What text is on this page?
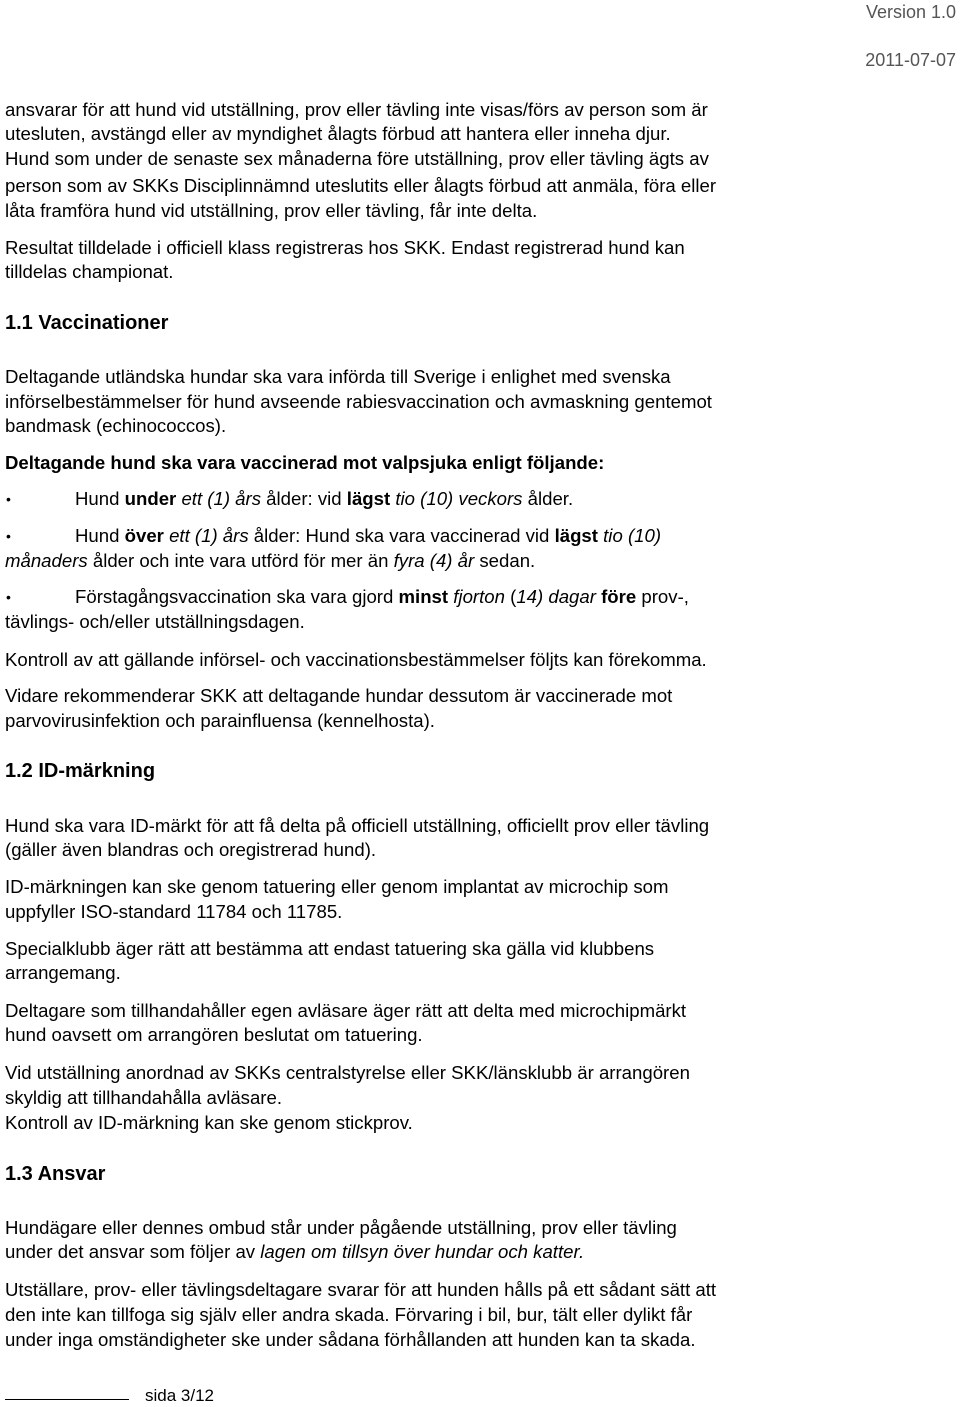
Version 1.0
2011-07-07
ansvarar för att hund vid utställning, prov eller tävling inte visas/förs av person som är
utesluten, avstängd eller av myndighet ålagts förbud att hantera eller inneha djur.
Hund som under de senaste sex månaderna före utställning, prov eller tävling ägts av
person som av SKKs Disciplinnämnd uteslutits eller ålagts förbud att anmäla, föra eller
låta framföra hund vid utställning, prov eller tävling, får inte delta.
Resultat tilldelade i officiell klass registreras hos SKK. Endast registrerad hund kan
tilldelas championat.
1.1 Vaccinationer
Deltagande utländska hundar ska vara införda till Sverige i enlighet med svenska
införselbestämmelser för hund avseende rabiesvaccination och avmaskning gentemot
bandmask (echinococcos).
Deltagande hund ska vara vaccinerad mot valpsjuka enligt följande:
•	Hund under ett (1) års ålder: vid lägst tio (10) veckors ålder.
•	Hund över ett (1) års ålder: Hund ska vara vaccinerad vid lägst tio (10)
månaders ålder och inte vara utförd för mer än fyra (4) år sedan.
•	Förstagångsvaccination ska vara gjord minst fjorton (14) dagar före prov-,
tävlings- och/eller utställningsdagen.
Kontroll av att gällande införsel- och vaccinationsbestämmelser följts kan förekomma.
Vidare rekommenderar SKK att deltagande hundar dessutom är vaccinerade mot
parvovirusinfektion och parainfluensa (kennelhosta).
1.2 ID-märkning
Hund ska vara ID-märkt för att få delta på officiell utställning, officiellt prov eller tävling
(gäller även blandras och oregistrerad hund).
ID-märkningen kan ske genom tatuering eller genom implantat av microchip som
uppfyller ISO-standard 11784 och 11785.
Specialklubb äger rätt att bestämma att endast tatuering ska gälla vid klubbens
arrangemang.
Deltagare som tillhandahåller egen avläsare äger rätt att delta med microchipmärkt
hund oavsett om arrangören beslutat om tatuering.
Vid utställning anordnad av SKKs centralstyrelse eller SKK/länsklubb är arrangören
skyldig att tillhandahålla avläsare.
Kontroll av ID-märkning kan ske genom stickprov.
1.3 Ansvar
Hundägare eller dennes ombud står under pågående utställning, prov eller tävling
under det ansvar som följer av lagen om tillsyn över hundar och katter.
Utställare, prov- eller tävlingsdeltagare svarar för att hunden hålls på ett sådant sätt att
den inte kan tillfoga sig själv eller andra skada. Förvaring i bil, bur, tält eller dylikt får
under inga omständigheter ske under sådana förhållanden att hunden kan ta skada.
sida 3/12
